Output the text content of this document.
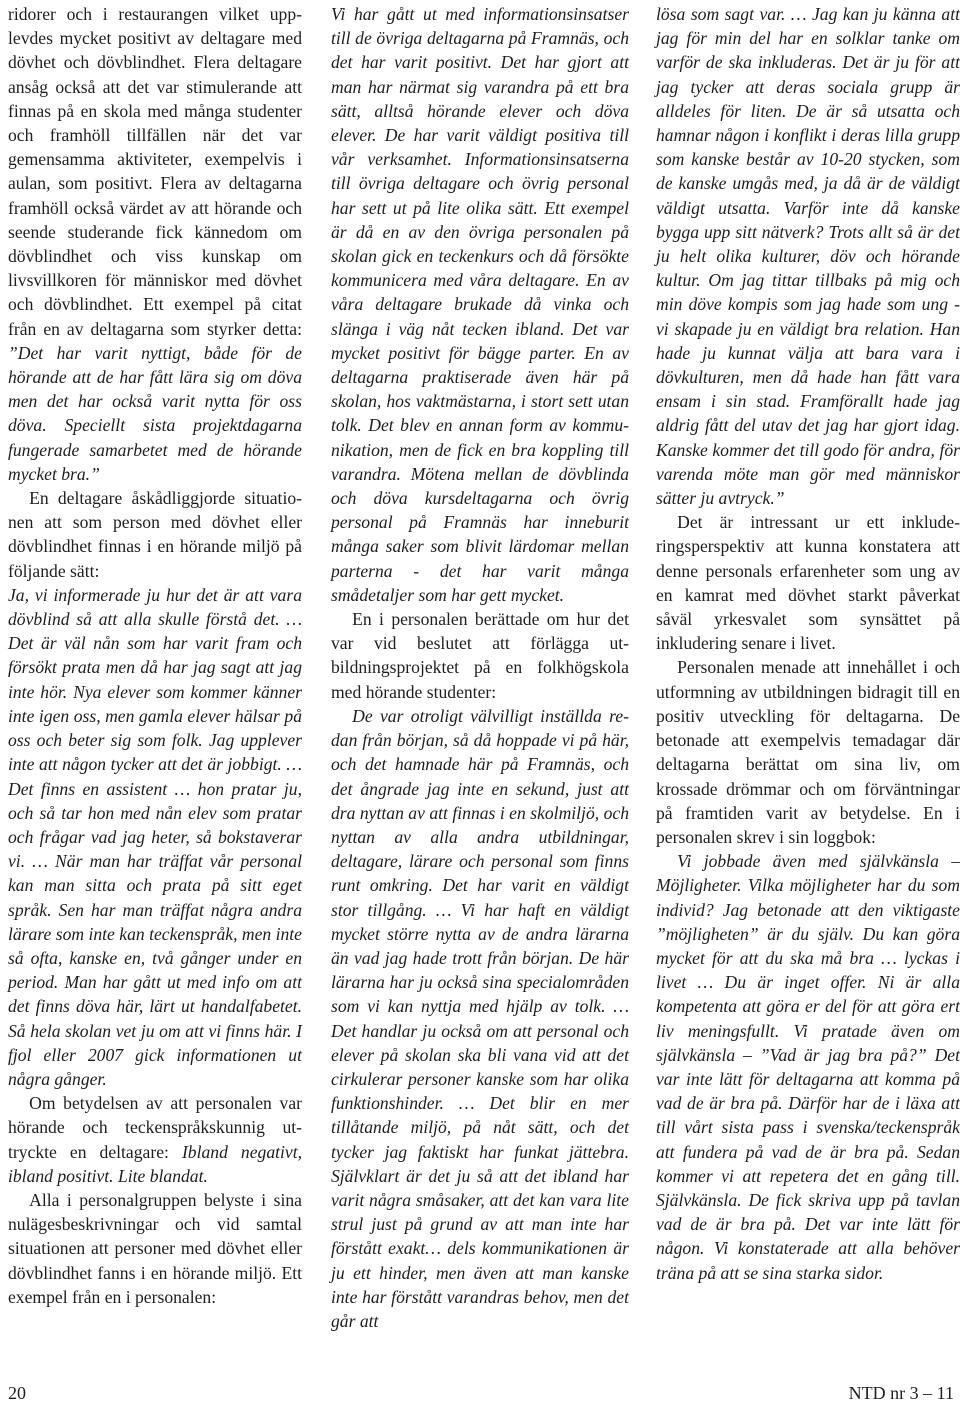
ridorer och i restaurangen vilket upplevdes mycket positivt av deltagare med dövhet och dövblindhet. Flera deltagare ansåg också att det var stimulerande att finnas på en skola med många studenter och framhöll tillfällen när det var gemensamma aktiviteter, exempelvis i aulan, som positivt. Flera av deltagarna framhöll också värdet av att hörande och seende studerande fick kännedom om dövblindhet och viss kunskap om livsvillkoren för människor med dövhet och dövblindhet. Ett exempel på citat från en av deltagarna som styrker detta: ”Det har varit nyttigt, både för de hörande att de har fått lära sig om döva men det har också varit nytta för oss döva. Speciellt sista projektdagarna fungerade samarbetet med de hörande mycket bra.”

En deltagare åskådliggjorde situationen att som person med dövhet eller dövblindhet finnas i en hörande miljö på följande sätt:

Ja, vi informerade ju hur det är att vara dövblind så att alla skulle förstå det. … Det är väl nån som har varit fram och försökt prata men då har jag sagt att jag inte hör. Nya elever som kommer känner inte igen oss, men gamla elever hälsar på oss och beter sig som folk. Jag upplever inte att någon tycker att det är jobbigt. … Det finns en assistent … hon pratar ju, och så tar hon med nån elev som pratar och frågar vad jag heter, så bokstaverar vi. … När man har träffat vår personal kan man sitta och prata på sitt eget språk. Sen har man träffat några andra lärare som inte kan teckenspråk, men inte så ofta, kanske en, två gånger under en period. Man har gått ut med info om att det finns döva här, lärt ut handalfabetet. Så hela skolan vet ju om att vi finns här. I fjol eller 2007 gick informationen ut några gånger.

Om betydelsen av att personalen var hörande och teckenspråkskunnig uttryckte en deltagare: Ibland negativt, ibland positivt. Lite blandat.

Alla i personalgruppen belyste i sina nulägesbeskrivningar och vid samtal situationen att personer med dövhet eller dövblindhet fanns i en hörande miljö. Ett exempel från en i personalen:

Vi har gått ut med informationsinsatser till de övriga deltagarna på Framnäs, och det har varit positivt. Det har gjort att man har närmat sig varandra på ett bra sätt, alltså hörande elever och döva elever. De har varit väldigt positiva till vår verksamhet. Informationsinsatserna till övriga deltagare och övrig personal har sett ut på lite olika sätt. Ett exempel är då en av den övriga personalen på skolan gick en teckenkurs och då försökte kommunicera med våra deltagare. En av våra deltagare brukade då vinka och slänga i väg nåt tecken ibland. Det var mycket positivt för bägge parter. En av deltagarna praktiserade även här på skolan, hos vaktmästarna, i stort sett utan tolk. Det blev en annan form av kommunikation, men de fick en bra koppling till varandra. Mötena mellan de dövblinda och döva kursdeltagarna och övrig personal på Framnäs har inneburit många saker som blivit lärdomar mellan parterna - det har varit många smådetaljer som har gett mycket.

En i personalen berättade om hur det var vid beslutet att förlägga utbildningsprojektet på en folkhögskola med hörande studenter:

De var otroligt välvilligt inställda redan från början, så då hoppade vi på här, och det hamnade här på Framnäs, och det ångrade jag inte en sekund, just att dra nyttan av att finnas i en skolmiljö, och nyttan av alla andra utbildningar, deltagare, lärare och personal som finns runt omkring. Det har varit en väldigt stor tillgång. … Vi har haft en väldigt mycket större nytta av de andra lärarna än vad jag hade trott från början. De här lärarna har ju också sina specialområden som vi kan nyttja med hjälp av tolk. … Det handlar ju också om att personal och elever på skolan ska bli vana vid att det cirkulerar personer kanske som har olika funktionshinder. … Det blir en mer tillåtande miljö, på nåt sätt, och det tycker jag faktiskt har funkat jättebra. Självklart är det ju så att det ibland har varit några småsaker, att det kan vara lite strul just på grund av att man inte har förstått exakt… dels kommunikationen är ju ett hinder, men även att man kanske inte har förstått varandras behov, men det går att

lösa som sagt var. … Jag kan ju känna att jag för min del har en solklar tanke om varför de ska inkluderas. Det är ju för att jag tycker att deras sociala grupp är alldeles för liten. De är så utsatta och hamnar någon i konflikt i deras lilla grupp som kanske består av 10-20 stycken, som de kanske umgås med, ja då är de väldigt väldigt utsatta. Varför inte då kanske bygga upp sitt nätverk? Trots allt så är det ju helt olika kulturer, döv och hörande kultur. Om jag tittar tillbaks på mig och min döve kompis som jag hade som ung - vi skapade ju en väldigt bra relation. Han hade ju kunnat välja att bara vara i dövkulturen, men då hade han fått vara ensam i sin stad. Framförallt hade jag aldrig fått del utav det jag har gjort idag. Kanske kommer det till godo för andra, för varenda möte man gör med människor sätter ju avtryck.”

Det är intressant ur ett inkluderingsperspektiv att kunna konstatera att denne personals erfarenheter som ung av en kamrat med dövhet starkt påverkat såväl yrkesvalet som synsättet på inkludering senare i livet.

Personalen menade att innehållet i och utformning av utbildningen bidragit till en positiv utveckling för deltagarna. De betonade att exempelvis temadagar där deltagarna berättat om sina liv, om krossade drömmar och om förväntningar på framtiden varit av betydelse. En i personalen skrev i sin loggbok:

Vi jobbade även med självkänsla – Möjligheter. Vilka möjligheter har du som individ? Jag betonade att den viktigaste ”möjligheten” är du själv. Du kan göra mycket för att du ska må bra … lyckas i livet … Du är inget offer. Ni är alla kompetenta att göra er del för att göra ert liv meningsfullt. Vi pratade även om självkänsla – ”Vad är jag bra på?” Det var inte lätt för deltagarna att komma på vad de är bra på. Därför har de i läxa att till vårt sista pass i svenska/teckenspråk att fundera på vad de är bra på. Sedan kommer vi att repetera det en gång till. Självkänsla. De fick skriva upp på tavlan vad de är bra på. Det var inte lätt för någon. Vi konstaterade att alla behöver träna på att se sina starka sidor.

20	NTD nr 3 – 11
